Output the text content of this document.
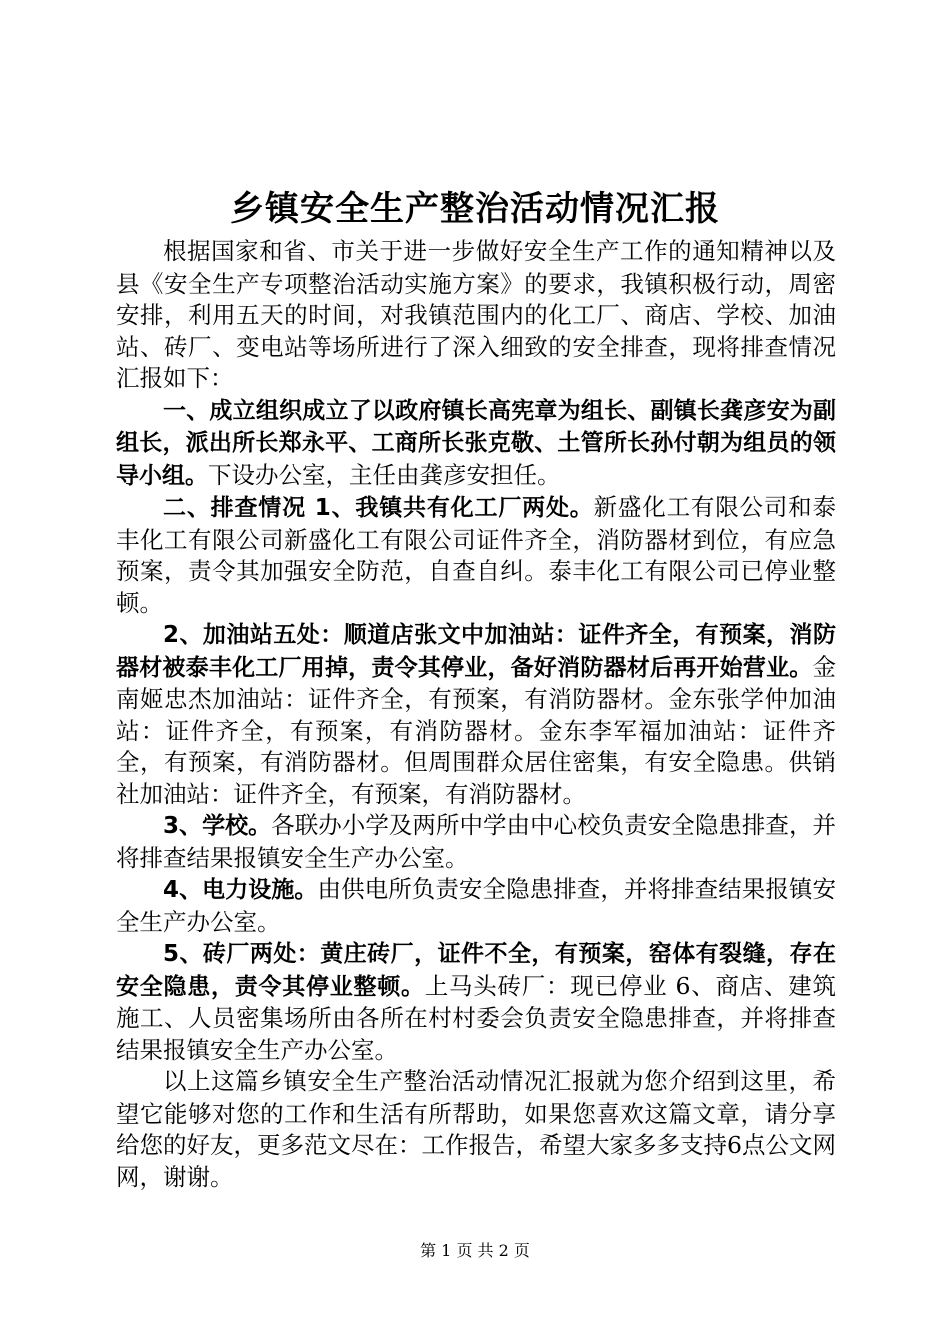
乡镇安全生产整治活动情况汇报

根据国家和省、市关于进一步做好安全生产工作的通知精神以及县《安全生产专项整治活动实施方案》的要求，我镇积极行动，周密安排，利用五天的时间，对我镇范围内的化工厂、商店、学校、加油站、砖厂、变电站等场所进行了深入细致的安全排查，现将排查情况汇报如下：

一、成立组织成立了以政府镇长高宪章为组长、副镇长龚彦安为副组长，派出所长郑永平、工商所长张克敬、土管所长孙付朝为组员的领导小组。下设办公室，主任由龚彦安担任。

二、排查情况 1、我镇共有化工厂两处。新盛化工有限公司和泰丰化工有限公司新盛化工有限公司证件齐全，消防器材到位，有应急预案，责令其加强安全防范，自查自纠。泰丰化工有限公司已停业整顿。

2、加油站五处：顺道店张文中加油站：证件齐全，有预案，消防器材被泰丰化工厂用掉，责令其停业，备好消防器材后再开始营业。金南姬忠杰加油站：证件齐全，有预案，有消防器材。金东张学仲加油站：证件齐全，有预案，有消防器材。金东李军福加油站：证件齐全，有预案，有消防器材。但周围群众居住密集，有安全隐患。供销社加油站：证件齐全，有预案，有消防器材。

3、学校。各联办小学及两所中学由中心校负责安全隐患排查，并将排查结果报镇安全生产办公室。

4、电力设施。由供电所负责安全隐患排查，并将排查结果报镇安全生产办公室。

5、砖厂两处：黄庄砖厂，证件不全，有预案，窑体有裂缝，存在安全隐患，责令其停业整顿。上马头砖厂：现已停业 6、商店、建筑施工、人员密集场所由各所在村村委会负责安全隐患排查，并将排查结果报镇安全生产办公室。

以上这篇乡镇安全生产整治活动情况汇报就为您介绍到这里，希望它能够对您的工作和生活有所帮助，如果您喜欢这篇文章，请分享给您的好友，更多范文尽在：工作报告，希望大家多多支持6点公文网网，谢谢。

第 1 页 共 2 页
